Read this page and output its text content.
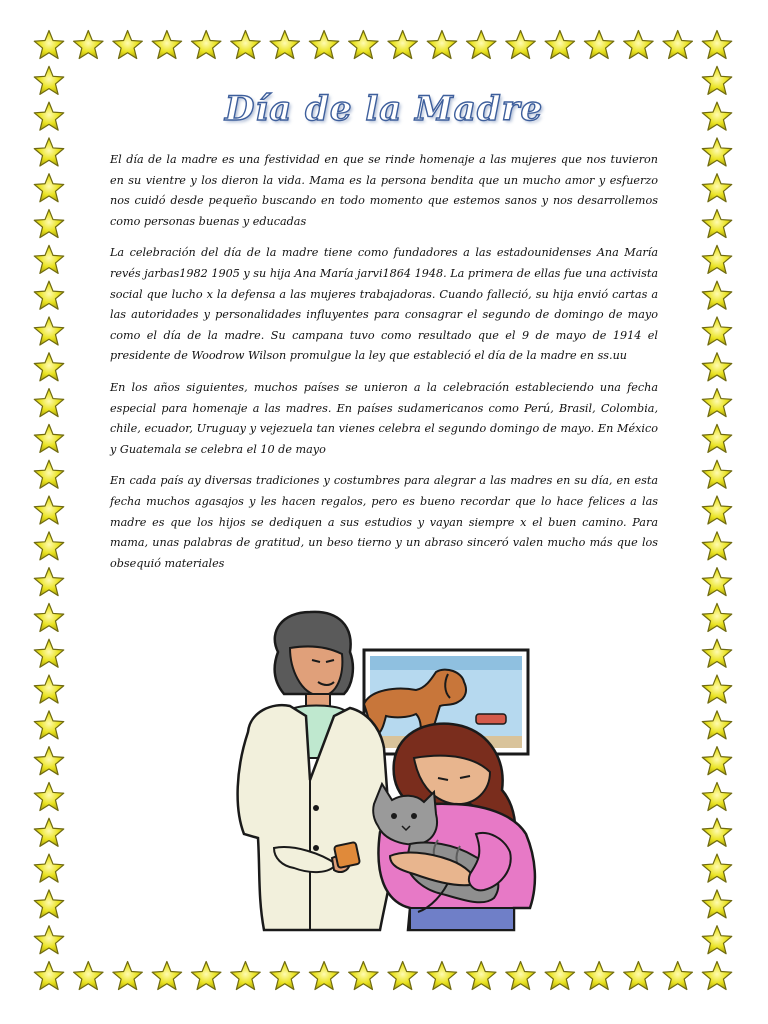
Día de la Madre

El día de la madre es una festividad en que se rinde homenaje a las mujeres que nos tuvieron en su vientre y los dieron la vida. Mama es la persona bendita que un mucho amor y esfuerzo nos cuidó desde pequeño buscando en todo momento que estemos sanos y nos desarrollemos como personas buenas y educadas

La celebración del día de la madre tiene como fundadores a las estadounidenses Ana María revés jarbas1982 1905 y su hija Ana María jarvi1864 1948. La primera de ellas fue una activista social que lucho x la defensa a las mujeres trabajadoras. Cuando falleció, su hija envió cartas a las autoridades y personalidades influyentes para consagrar el segundo de domingo de mayo como el día de la madre. Su campana tuvo como resultado que el 9 de mayo de 1914 el presidente de Woodrow Wilson promulgue la ley que estableció el día de la madre en ss.uu

En los años siguientes, muchos países se unieron a la celebración estableciendo una fecha especial para homenaje a las madres. En países sudamericanos como Perú, Brasil, Colombia, chile, ecuador, Uruguay y vejezuela tan vienes celebra el segundo domingo de mayo. En México y Guatemala se celebra el 10 de mayo

En cada país ay diversas tradiciones y costumbres para alegrar a las madres en su día, en esta fecha muchos agasajos y les hacen regalos, pero es bueno recordar que lo hace felices a las madre es que los hijos se dediquen a sus estudios y vayan siempre x el buen camino. Para mama, unas palabras de gratitud, un beso tierno y un abraso sinceró valen mucho más que los obsequió materiales
